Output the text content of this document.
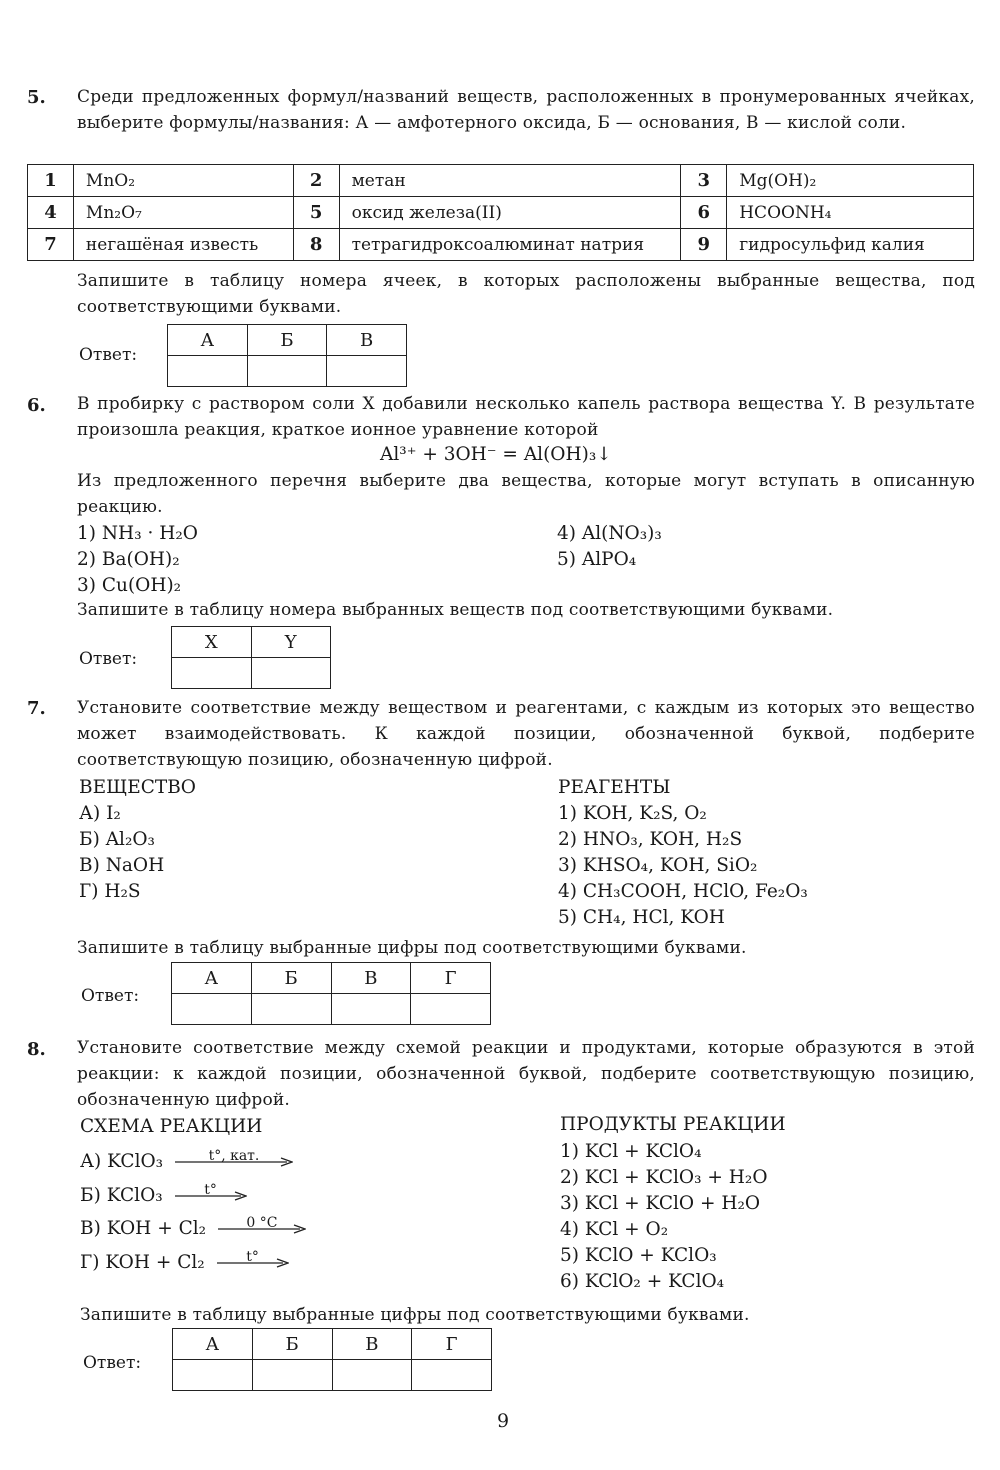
5. Среди предложенных формул/названий веществ, расположенных в пронумерованных ячейках, выберите формулы/названия: А — амфотерного оксида, Б — основания, В — кислой соли.
1	MnO₂	2	метан	3	Mg(OH)₂
4	Mn₂O₇	5	оксид железа(II)	6	HCOONH₄
7	негашёная известь	8	тетрагидроксоалюминат натрия	9	гидросульфид калия
Запишите в таблицу номера ячеек, в которых расположены выбранные вещества, под соответствующими буквами.
Ответ:
А	Б	В

6. В пробирку с раствором соли X добавили несколько капель раствора вещества Y. В результате произошла реакция, краткое ионное уравнение которой
Al³⁺ + 3OH⁻ = Al(OH)₃↓
Из предложенного перечня выберите два вещества, которые могут вступать в описанную реакцию.
1) NH₃ · H₂O
2) Ba(OH)₂
3) Cu(OH)₂
4) Al(NO₃)₃
5) AlPO₄
Запишите в таблицу номера выбранных веществ под соответствующими буквами.
Ответ:
X	Y

7. Установите соответствие между веществом и реагентами, с каждым из которых это вещество может взаимодействовать. К каждой позиции, обозначенной буквой, подберите соответствующую позицию, обозначенную цифрой.
ВЕЩЕСТВО
А) I₂
Б) Al₂O₃
В) NaOH
Г) H₂S
РЕАГЕНТЫ
1) KOH, K₂S, O₂
2) HNO₃, KOH, H₂S
3) KHSO₄, KOH, SiO₂
4) CH₃COOH, HClO, Fe₂O₃
5) CH₄, HCl, KOH
Запишите в таблицу выбранные цифры под соответствующими буквами.
Ответ:
А	Б	В	Г

8. Установите соответствие между схемой реакции и продуктами, которые образуются в этой реакции: к каждой позиции, обозначенной буквой, подберите соответствующую позицию, обозначенную цифрой.
СХЕМА РЕАКЦИИ
А) KClO₃	t°, кат.
Б) KClO₃	t°
В) KOH + Cl₂	0 °C
Г) KOH + Cl₂	t°
ПРОДУКТЫ РЕАКЦИИ
1) KCl + KClO₄
2) KCl + KClO₃ + H₂O
3) KCl + KClO + H₂O
4) KCl + O₂
5) KClO + KClO₃
6) KClO₂ + KClO₄
Запишите в таблицу выбранные цифры под соответствующими буквами.
Ответ:
А	Б	В	Г

9
